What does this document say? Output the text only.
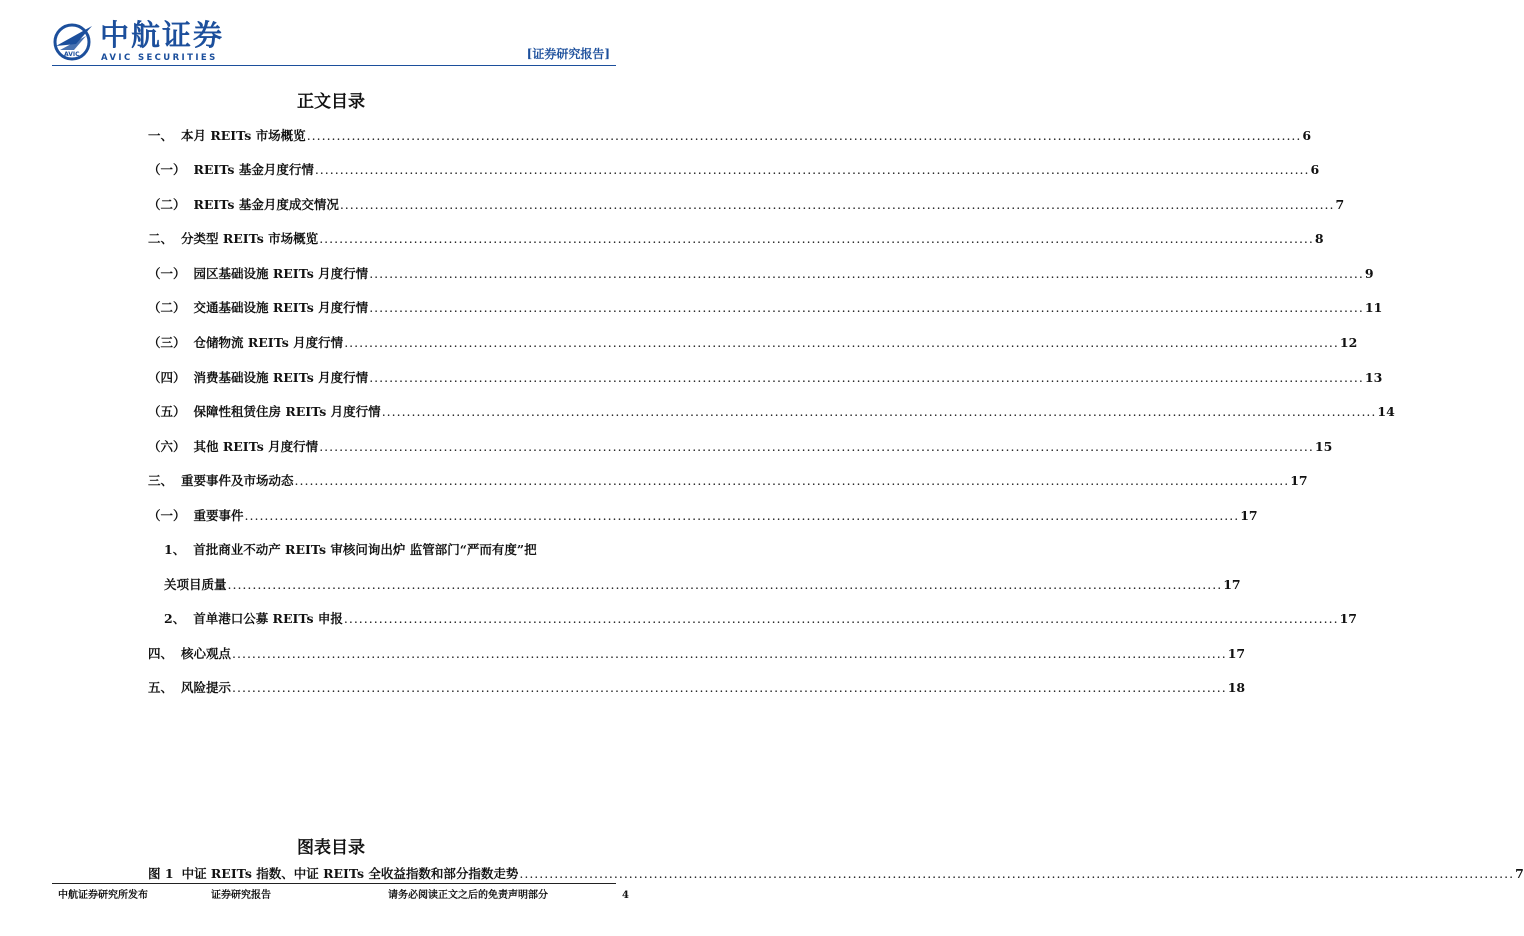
AVIC
中航证券
AVIC SECURITIES	[证券研究报告]
正文目录
一、 本月 REITs 市场概览 ........................................................................................................................................................................................................ 6
（一） REITs 基金月度行情 ........................................................................................................................................................................................................ 6
（二） REITs 基金月度成交情况 ........................................................................................................................................................................................................ 7
二、 分类型 REITs 市场概览 ........................................................................................................................................................................................................ 8
（一） 园区基础设施 REITs 月度行情 ........................................................................................................................................................................................................ 9
（二） 交通基础设施 REITs 月度行情 ........................................................................................................................................................................................................ 11
（三） 仓储物流 REITs 月度行情 ........................................................................................................................................................................................................ 12
（四） 消费基础设施 REITs 月度行情 ........................................................................................................................................................................................................ 13
（五） 保障性租赁住房 REITs 月度行情 ........................................................................................................................................................................................................ 14
（六） 其他 REITs 月度行情 ........................................................................................................................................................................................................ 15
三、 重要事件及市场动态 ........................................................................................................................................................................................................ 17
（一） 重要事件 ........................................................................................................................................................................................................ 17
1、 首批商业不动产 REITs 审核问询出炉 监管部门“严而有度”把
关项目质量 ........................................................................................................................................................................................................ 17
2、 首单港口公募 REITs 申报 ........................................................................................................................................................................................................ 17
四、 核心观点 ........................................................................................................................................................................................................ 17
五、 风险提示 ........................................................................................................................................................................................................ 18
图表目录
图 1 中证 REITs 指数、中证 REITs 全收益指数和部分指数走势 ........................................................................................................................................................................................................ 7
中航证券研究所发布	证券研究报告	请务必阅读正文之后的免责声明部分	4
